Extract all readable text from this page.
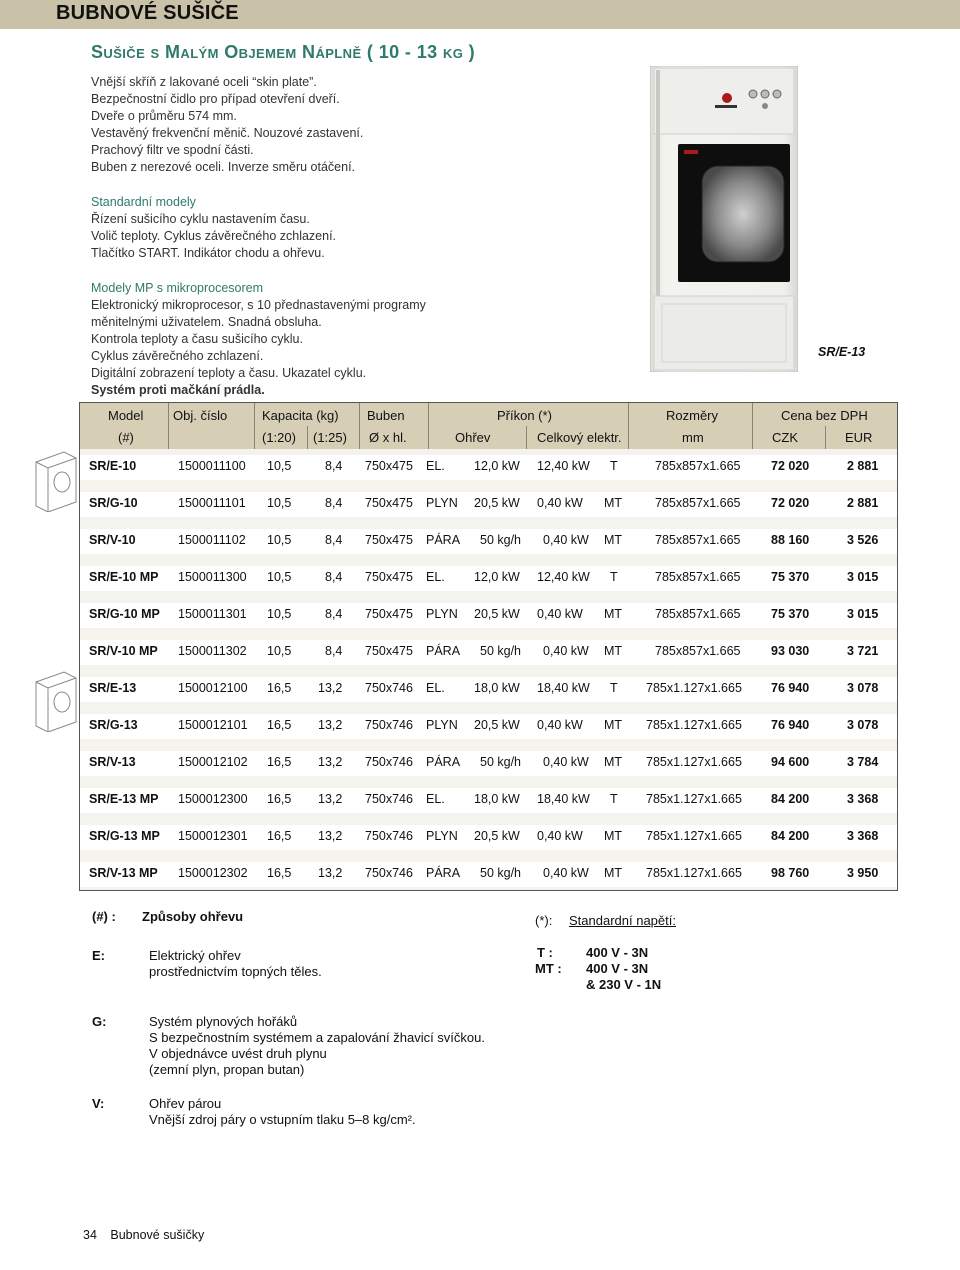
BUBNOVÉ SUŠIČE
Sušiče s Malým Objemem Náplně ( 10 - 13 kg )
Vnější skříň z lakované oceli “skin plate”.
Bezpečnostní čidlo pro případ otevření dveří.
Dveře o průměru 574 mm.
Vestavěný frekvenční měnič. Nouzové zastavení.
Prachový filtr ve spodní části.
Buben z nerezové oceli. Inverze směru otáčení.
Standardní modely
Řízení sušicího cyklu nastavením času.
Volič teploty. Cyklus závěrečného zchlazení.
Tlačítko START. Indikátor chodu a ohřevu.
Modely MP s mikroprocesorem
Elektronický mikroprocesor, s 10 přednastavenými programy
měnitelnými uživatelem. Snadná obsluha.
Kontrola teploty a času sušicího cyklu.
Cyklus závěrečného zchlazení.
Digitální zobrazení teploty a času. Ukazatel cyklu.
Systém proti mačkání prádla.
SR/E-13
Model Obj. číslo	Kapacita (kg) Buben	Příkon (*)	Rozměry	Cena bez DPH
(#)	(1:20) (1:25) Ø x hl.	Ohřev	Celkový elektr.	mm	CZK	EUR
SR/E-10	1500011100 10,5	8,4 750x475 EL. 12,0 kW 12,40 kW T	785x857x1.665 72 020	2 881
SR/G-10	1500011101 10,5	8,4 750x475 PLYN 20,5 kW 0,40 kW MT	785x857x1.665 72 020	2 881
SR/V-10	1500011102 10,5	8,4 750x475 PÁRA 50 kg/h 0,40 kW MT	785x857x1.665 88 160	3 526
SR/E-10 MP 1500011300 10,5	8,4 750x475 EL. 12,0 kW 12,40 kW T	785x857x1.665 75 370	3 015
SR/G-10 MP 1500011301 10,5	8,4 750x475 PLYN 20,5 kW 0,40 kW MT	785x857x1.665 75 370	3 015
SR/V-10 MP 1500011302 10,5	8,4 750x475 PÁRA 50 kg/h 0,40 kW MT	785x857x1.665 93 030	3 721
SR/E-13	1500012100 16,5 13,2 750x746 EL. 18,0 kW 18,40 kW T 785x1.127x1.665 76 940	3 078
SR/G-13	1500012101 16,5 13,2 750x746 PLYN 20,5 kW 0,40 kW MT 785x1.127x1.665 76 940	3 078
SR/V-13	1500012102 16,5 13,2 750x746 PÁRA 50 kg/h 0,40 kW MT 785x1.127x1.665 94 600	3 784
SR/E-13 MP 1500012300 16,5 13,2 750x746 EL. 18,0 kW 18,40 kW T 785x1.127x1.665 84 200	3 368
SR/G-13 MP 1500012301 16,5 13,2 750x746 PLYN 20,5 kW 0,40 kW MT 785x1.127x1.665 84 200	3 368
SR/V-13 MP 1500012302 16,5 13,2 750x746 PÁRA 50 kg/h 0,40 kW MT 785x1.127x1.665 98 760	3 950
(#) : Způsoby ohřevu
E:	Elektrický ohřev
prostřednictvím topných těles.
G:	Systém plynových hořáků
S bezpečnostním systémem a zapalování žhavicí svíčkou.
V objednávce uvést druh plynu
(zemní plyn, propan butan)
V:	Ohřev párou
Vnější zdroj páry o vstupním tlaku 5–8 kg/cm².
(*): Standardní napětí:
T :	400 V - 3N
MT : 400 V - 3N
& 230 V - 1N
34 Bubnové sušičky
